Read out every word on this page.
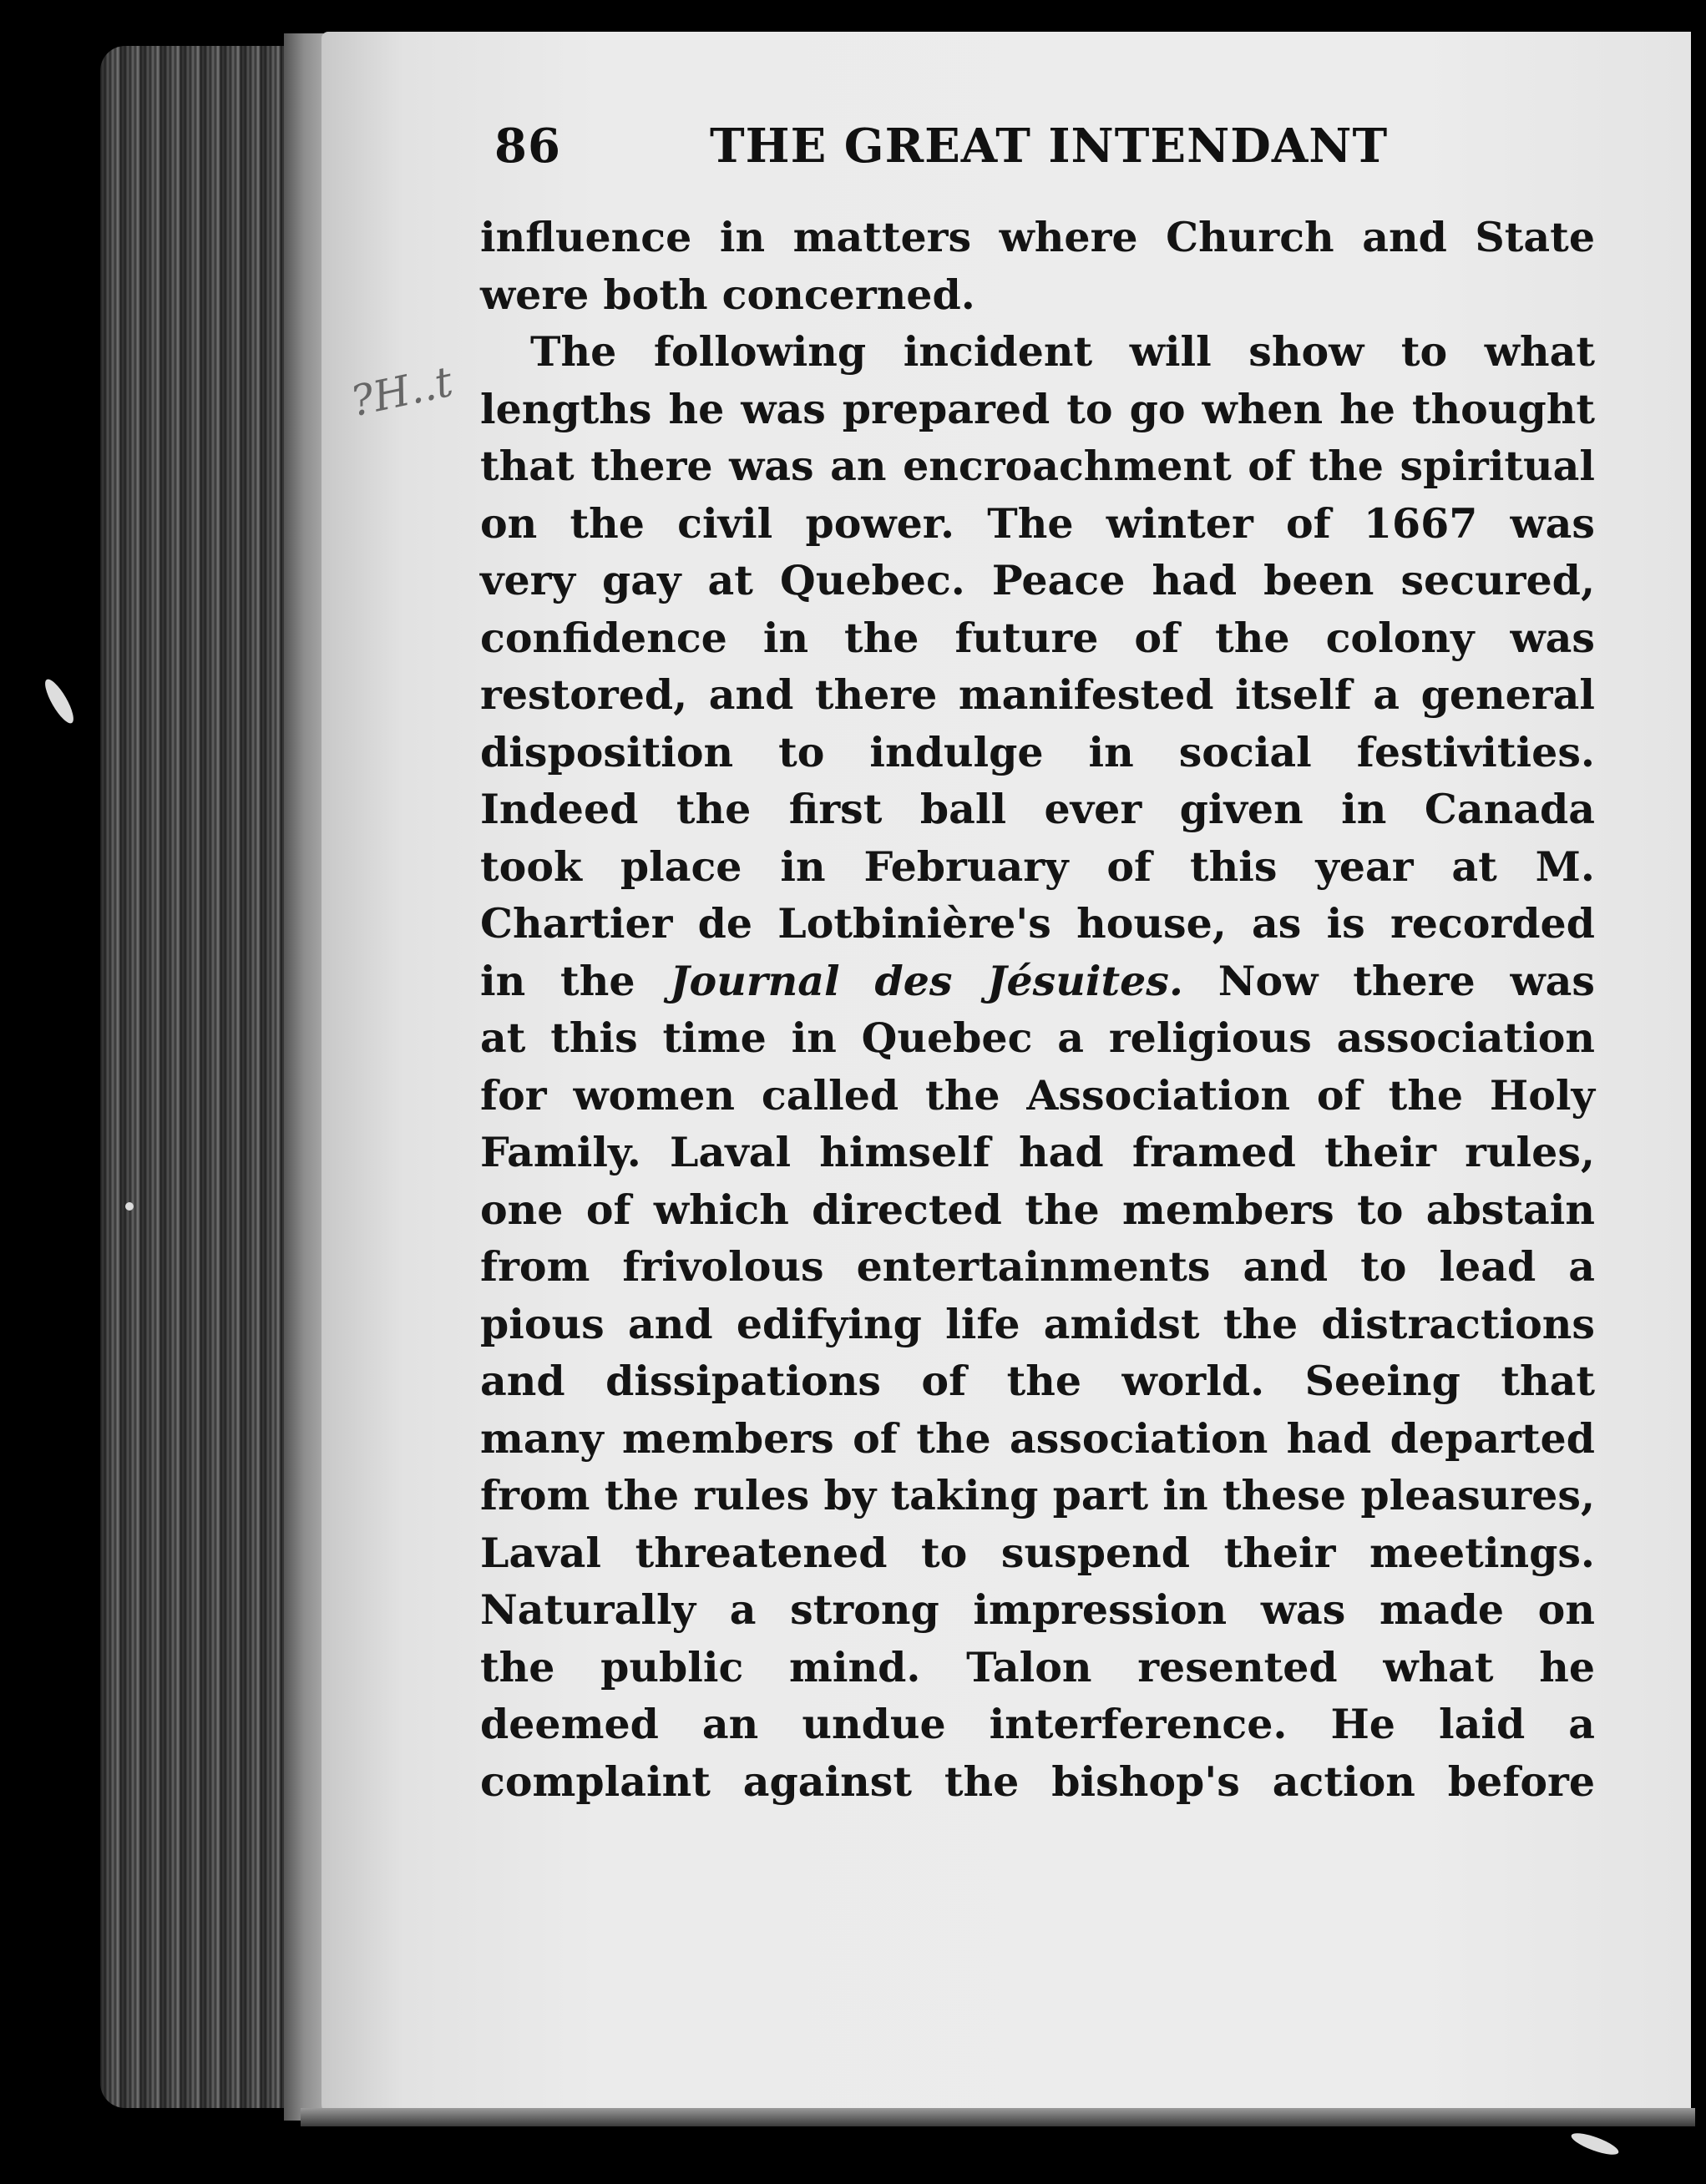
86	THE GREAT INTENDANT
?H..t
influence in matters where Church and State
were both concerned.
The following incident will show to what
lengths he was prepared to go when he thought
that there was an encroachment of the spiritual
on the civil power. The winter of 1667 was
very gay at Quebec. Peace had been secured,
confidence in the future of the colony was
restored, and there manifested itself a general
disposition to indulge in social festivities.
Indeed the first ball ever given in Canada
took place in February of this year at M.
Chartier de Lotbinière's house, as is recorded
in the Journal des Jésuites. Now there was
at this time in Quebec a religious association
for women called the Association of the Holy
Family. Laval himself had framed their rules,
one of which directed the members to abstain
from frivolous entertainments and to lead a
pious and edifying life amidst the distractions
and dissipations of the world. Seeing that
many members of the association had departed
from the rules by taking part in these pleasures,
Laval threatened to suspend their meetings.
Naturally a strong impression was made on
the public mind. Talon resented what he
deemed an undue interference. He laid a
complaint against the bishop's action before
